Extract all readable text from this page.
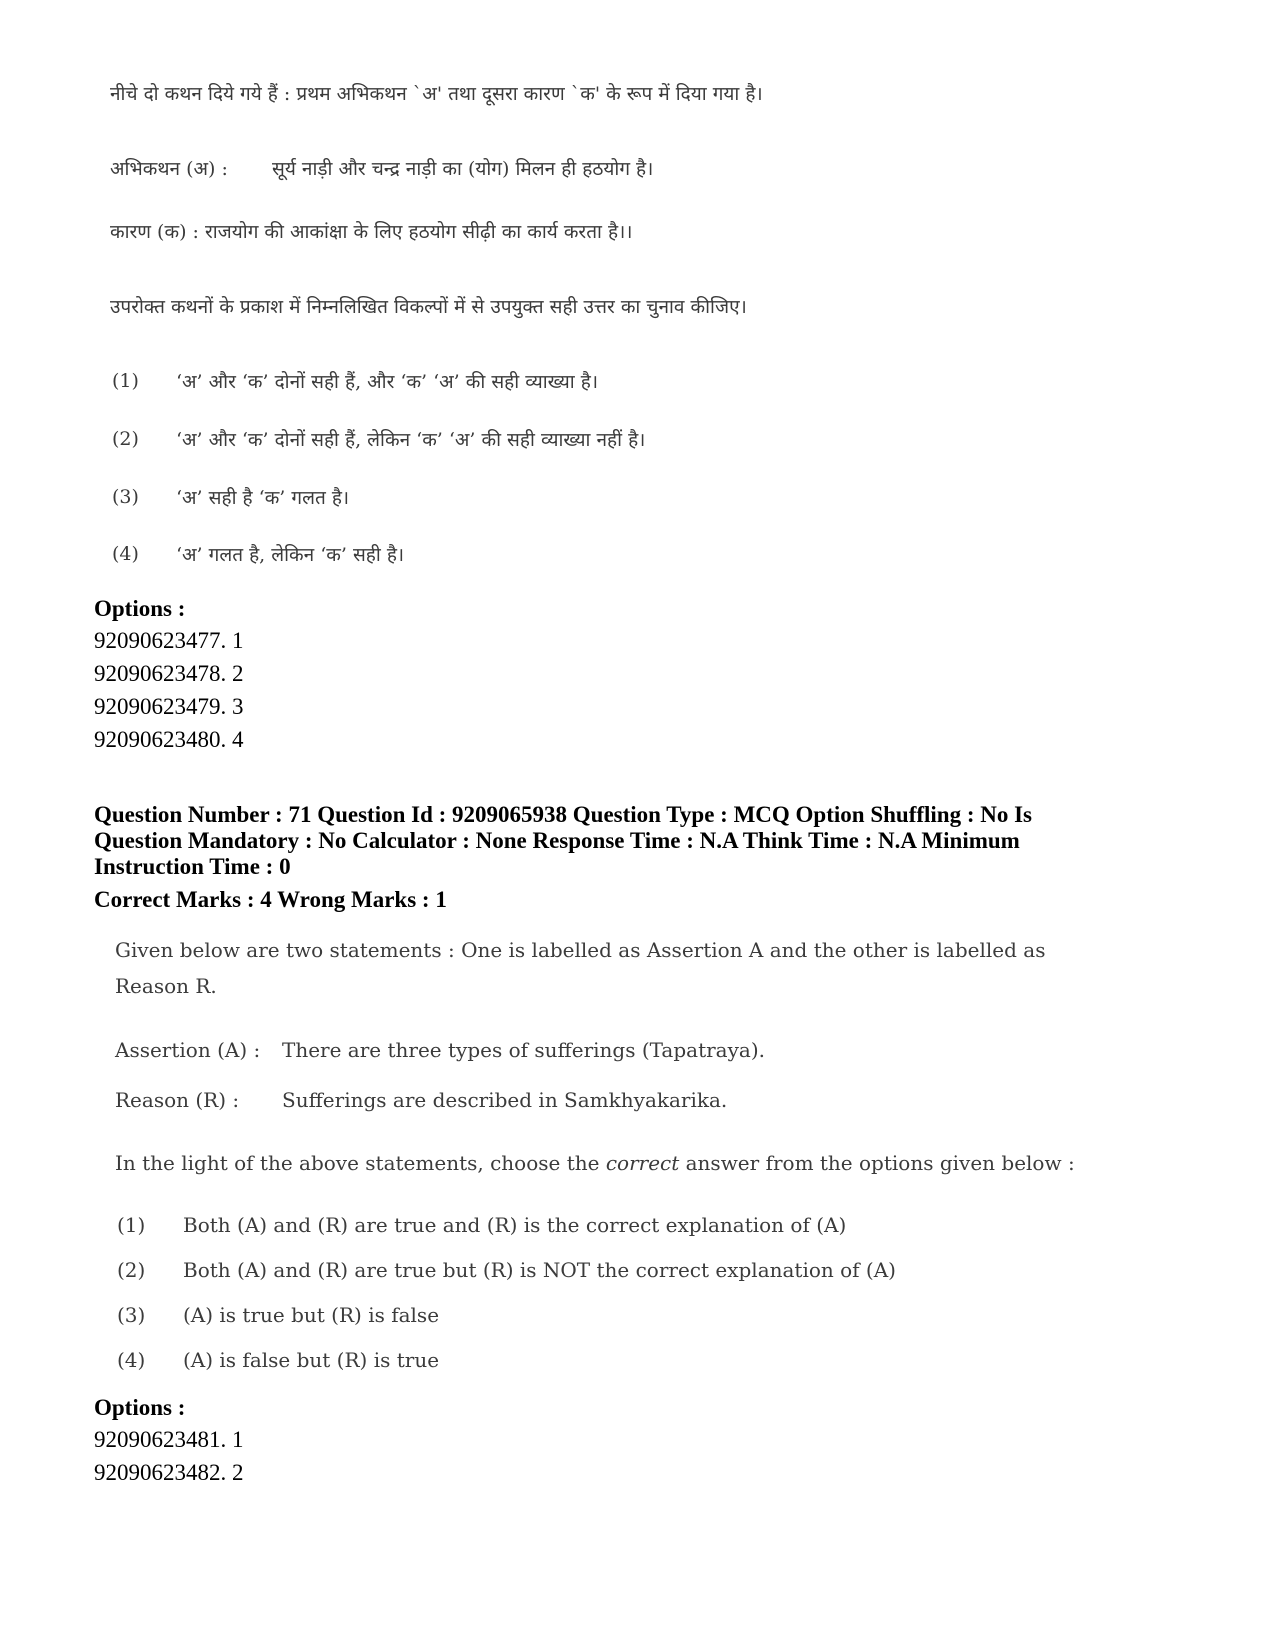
नीचे दो कथन दिये गये हैं : प्रथम अभिकथन `अ' तथा दूसरा कारण `क' के रूप में दिया गया है।

अभिकथन (अ) : सूर्य नाड़ी और चन्द्र नाड़ी का (योग) मिलन ही हठयोग है।

कारण (क) : राजयोग की आकांक्षा के लिए हठयोग सीढ़ी का कार्य करता है।।

उपरोक्त कथनों के प्रकाश में निम्नलिखित विकल्पों में से उपयुक्त सही उत्तर का चुनाव कीजिए।

(1) ‘अ’ और ‘क’ दोनों सही हैं, और ‘क’ ‘अ’ की सही व्याख्या है।

(2) ‘अ’ और ‘क’ दोनों सही हैं, लेकिन ‘क’ ‘अ’ की सही व्याख्या नहीं है।

(3) ‘अ’ सही है ‘क’ गलत है।

(4) ‘अ’ गलत है, लेकिन ‘क’ सही है।

Options :
92090623477. 1
92090623478. 2
92090623479. 3
92090623480. 4
Question Number : 71 Question Id : 9209065938 Question Type : MCQ Option Shuffling : No Is
Question Mandatory : No Calculator : None Response Time : N.A Think Time : N.A Minimum
Instruction Time : 0
Correct Marks : 4 Wrong Marks : 1

Given below are two statements : One is labelled as Assertion A and the other is labelled as

Reason R.

Assertion (A) : There are three types of sufferings (Tapatraya).

Reason (R) : Sufferings are described in Samkhyakarika.

In the light of the above statements, choose the correct answer from the options given below :

(1) Both (A) and (R) are true and (R) is the correct explanation of (A)

(2) Both (A) and (R) are true but (R) is NOT the correct explanation of (A)

(3) (A) is true but (R) is false

(4) (A) is false but (R) is true

Options :
92090623481. 1
92090623482. 2
